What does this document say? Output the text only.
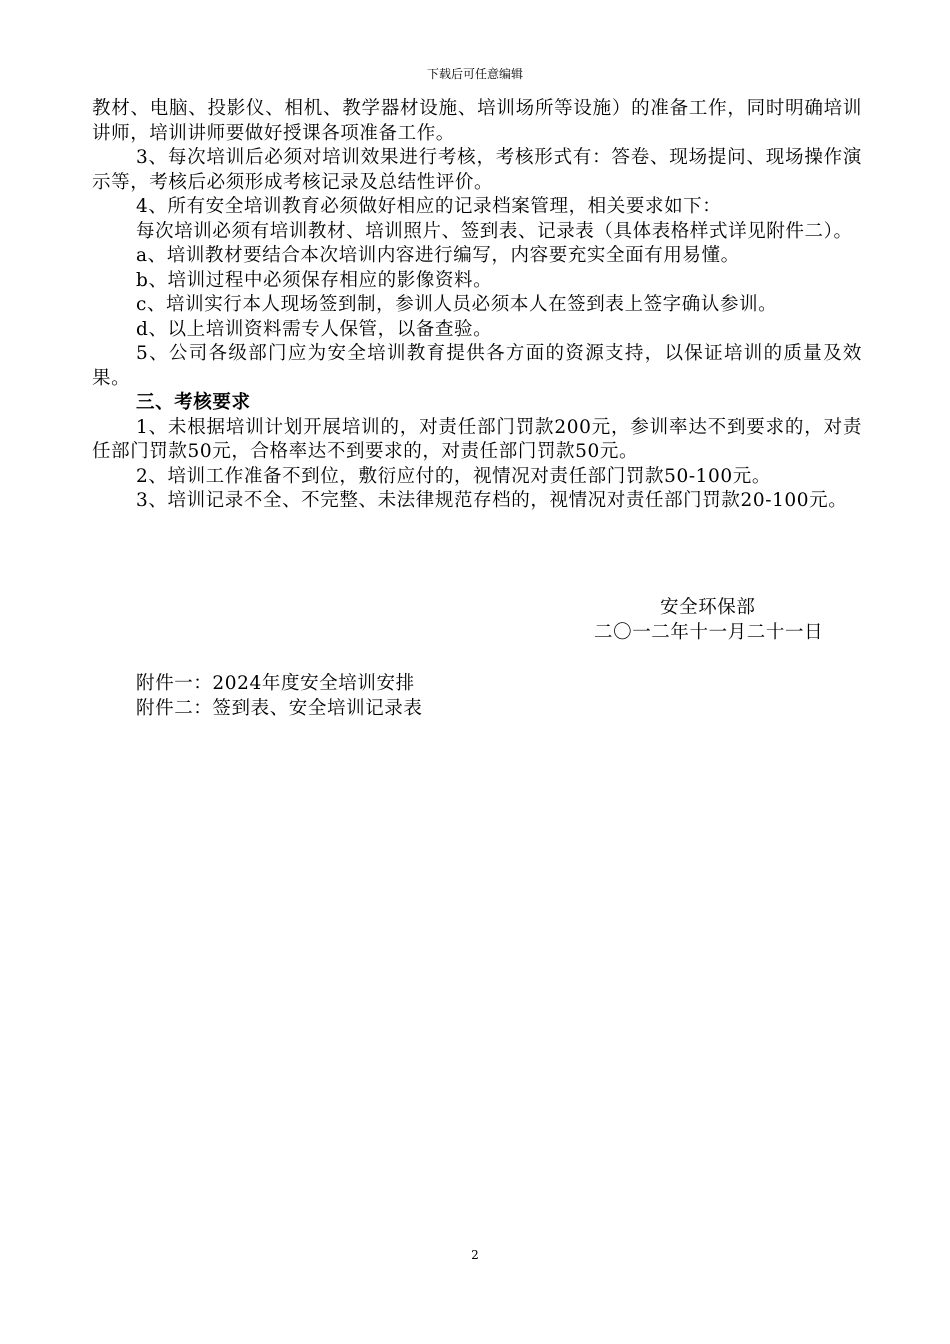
下载后可任意编辑

教材、电脑、投影仪、相机、教学器材设施、培训场所等设施）的准备工作，同时明确培训讲师，培训讲师要做好授课各项准备工作。

3、每次培训后必须对培训效果进行考核，考核形式有：答卷、现场提问、现场操作演示等，考核后必须形成考核记录及总结性评价。

4、所有安全培训教育必须做好相应的记录档案管理，相关要求如下：

每次培训必须有培训教材、培训照片、签到表、记录表（具体表格样式详见附件二）。

a、培训教材要结合本次培训内容进行编写，内容要充实全面有用易懂。

b、培训过程中必须保存相应的影像资料。

c、培训实行本人现场签到制，参训人员必须本人在签到表上签字确认参训。

d、以上培训资料需专人保管，以备查验。

5、公司各级部门应为安全培训教育提供各方面的资源支持，以保证培训的质量及效果。

三、考核要求

1、未根据培训计划开展培训的，对责任部门罚款200元，参训率达不到要求的，对责任部门罚款50元，合格率达不到要求的，对责任部门罚款50元。

2、培训工作准备不到位，敷衍应付的，视情况对责任部门罚款50-100元。

3、培训记录不全、不完整、未法律规范存档的，视情况对责任部门罚款20-100元。

安全环保部
二〇一二年十一月二十一日

附件一：2024年度安全培训安排

附件二：签到表、安全培训记录表

2
